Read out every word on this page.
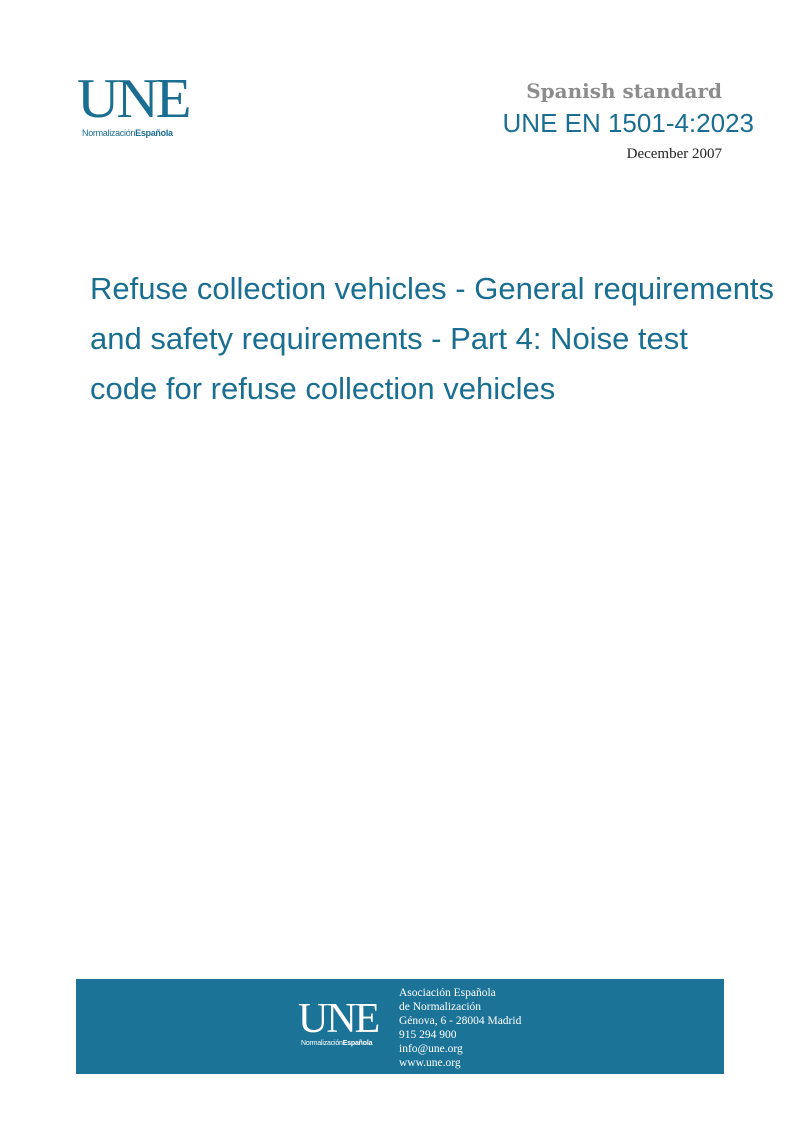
UNE
NormalizaciónEspañola
Spanish standard
UNE EN 1501-4:2023
December 2007
Refuse collection vehicles - General requirements
and safety requirements - Part 4: Noise test
code for refuse collection vehicles
UNE
NormalizaciónEspañola
Asociación Española
de Normalización
Génova, 6 - 28004 Madrid
915 294 900
info@une.org
www.une.org
